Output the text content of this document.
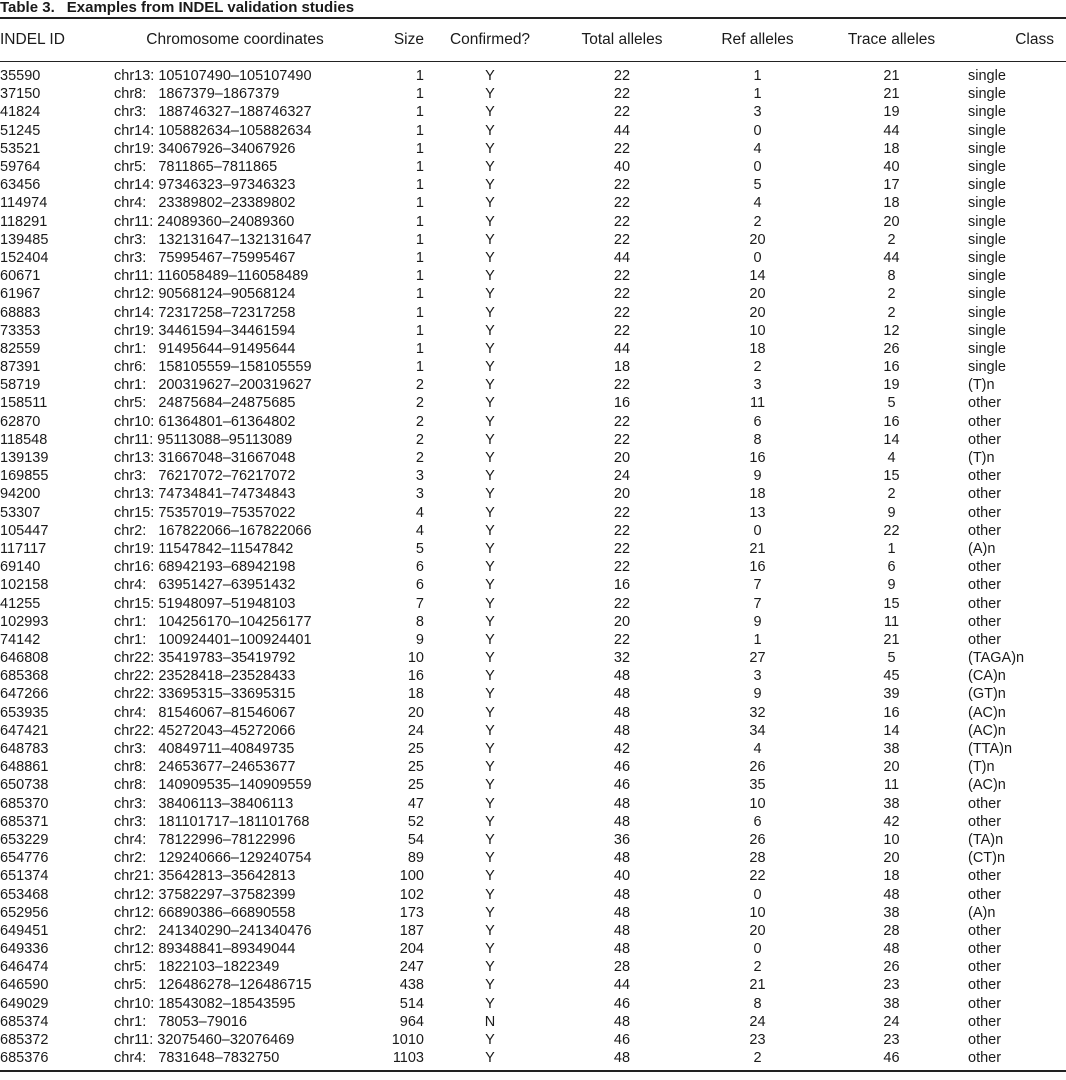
Table 3. Examples from INDEL validation studies
INDEL ID	Chromosome coordinates	Size	Confirmed?	Total alleles	Ref alleles	Trace alleles	Class
35590	chr13: 105107490–105107490	1	Y	22	1	21	single
37150	chr8:   1867379–1867379	1	Y	22	1	21	single
41824	chr3:   188746327–188746327	1	Y	22	3	19	single
51245	chr14: 105882634–105882634	1	Y	44	0	44	single
53521	chr19: 34067926–34067926	1	Y	22	4	18	single
59764	chr5:   7811865–7811865	1	Y	40	0	40	single
63456	chr14: 97346323–97346323	1	Y	22	5	17	single
114974	chr4:   23389802–23389802	1	Y	22	4	18	single
118291	chr11: 24089360–24089360	1	Y	22	2	20	single
139485	chr3:   132131647–132131647	1	Y	22	20	2	single
152404	chr3:   75995467–75995467	1	Y	44	0	44	single
60671	chr11: 116058489–116058489	1	Y	22	14	8	single
61967	chr12: 90568124–90568124	1	Y	22	20	2	single
68883	chr14: 72317258–72317258	1	Y	22	20	2	single
73353	chr19: 34461594–34461594	1	Y	22	10	12	single
82559	chr1:   91495644–91495644	1	Y	44	18	26	single
87391	chr6:   158105559–158105559	1	Y	18	2	16	single
58719	chr1:   200319627–200319627	2	Y	22	3	19	(T)n
158511	chr5:   24875684–24875685	2	Y	16	11	5	other
62870	chr10: 61364801–61364802	2	Y	22	6	16	other
118548	chr11: 95113088–95113089	2	Y	22	8	14	other
139139	chr13: 31667048–31667048	2	Y	20	16	4	(T)n
169855	chr3:   76217072–76217072	3	Y	24	9	15	other
94200	chr13: 74734841–74734843	3	Y	20	18	2	other
53307	chr15: 75357019–75357022	4	Y	22	13	9	other
105447	chr2:   167822066–167822066	4	Y	22	0	22	other
117117	chr19: 11547842–11547842	5	Y	22	21	1	(A)n
69140	chr16: 68942193–68942198	6	Y	22	16	6	other
102158	chr4:   63951427–63951432	6	Y	16	7	9	other
41255	chr15: 51948097–51948103	7	Y	22	7	15	other
102993	chr1:   104256170–104256177	8	Y	20	9	11	other
74142	chr1:   100924401–100924401	9	Y	22	1	21	other
646808	chr22: 35419783–35419792	10	Y	32	27	5	(TAGA)n
685368	chr22: 23528418–23528433	16	Y	48	3	45	(CA)n
647266	chr22: 33695315–33695315	18	Y	48	9	39	(GT)n
653935	chr4:   81546067–81546067	20	Y	48	32	16	(AC)n
647421	chr22: 45272043–45272066	24	Y	48	34	14	(AC)n
648783	chr3:   40849711–40849735	25	Y	42	4	38	(TTA)n
648861	chr8:   24653677–24653677	25	Y	46	26	20	(T)n
650738	chr8:   140909535–140909559	25	Y	46	35	11	(AC)n
685370	chr3:   38406113–38406113	47	Y	48	10	38	other
685371	chr3:   181101717–181101768	52	Y	48	6	42	other
653229	chr4:   78122996–78122996	54	Y	36	26	10	(TA)n
654776	chr2:   129240666–129240754	89	Y	48	28	20	(CT)n
651374	chr21: 35642813–35642813	100	Y	40	22	18	other
653468	chr12: 37582297–37582399	102	Y	48	0	48	other
652956	chr12: 66890386–66890558	173	Y	48	10	38	(A)n
649451	chr2:   241340290–241340476	187	Y	48	20	28	other
649336	chr12: 89348841–89349044	204	Y	48	0	48	other
646474	chr5:   1822103–1822349	247	Y	28	2	26	other
646590	chr5:   126486278–126486715	438	Y	44	21	23	other
649029	chr10: 18543082–18543595	514	Y	46	8	38	other
685374	chr1:   78053–79016	964	N	48	24	24	other
685372	chr11: 32075460–32076469	1010	Y	46	23	23	other
685376	chr4:   7831648–7832750	1103	Y	48	2	46	other
